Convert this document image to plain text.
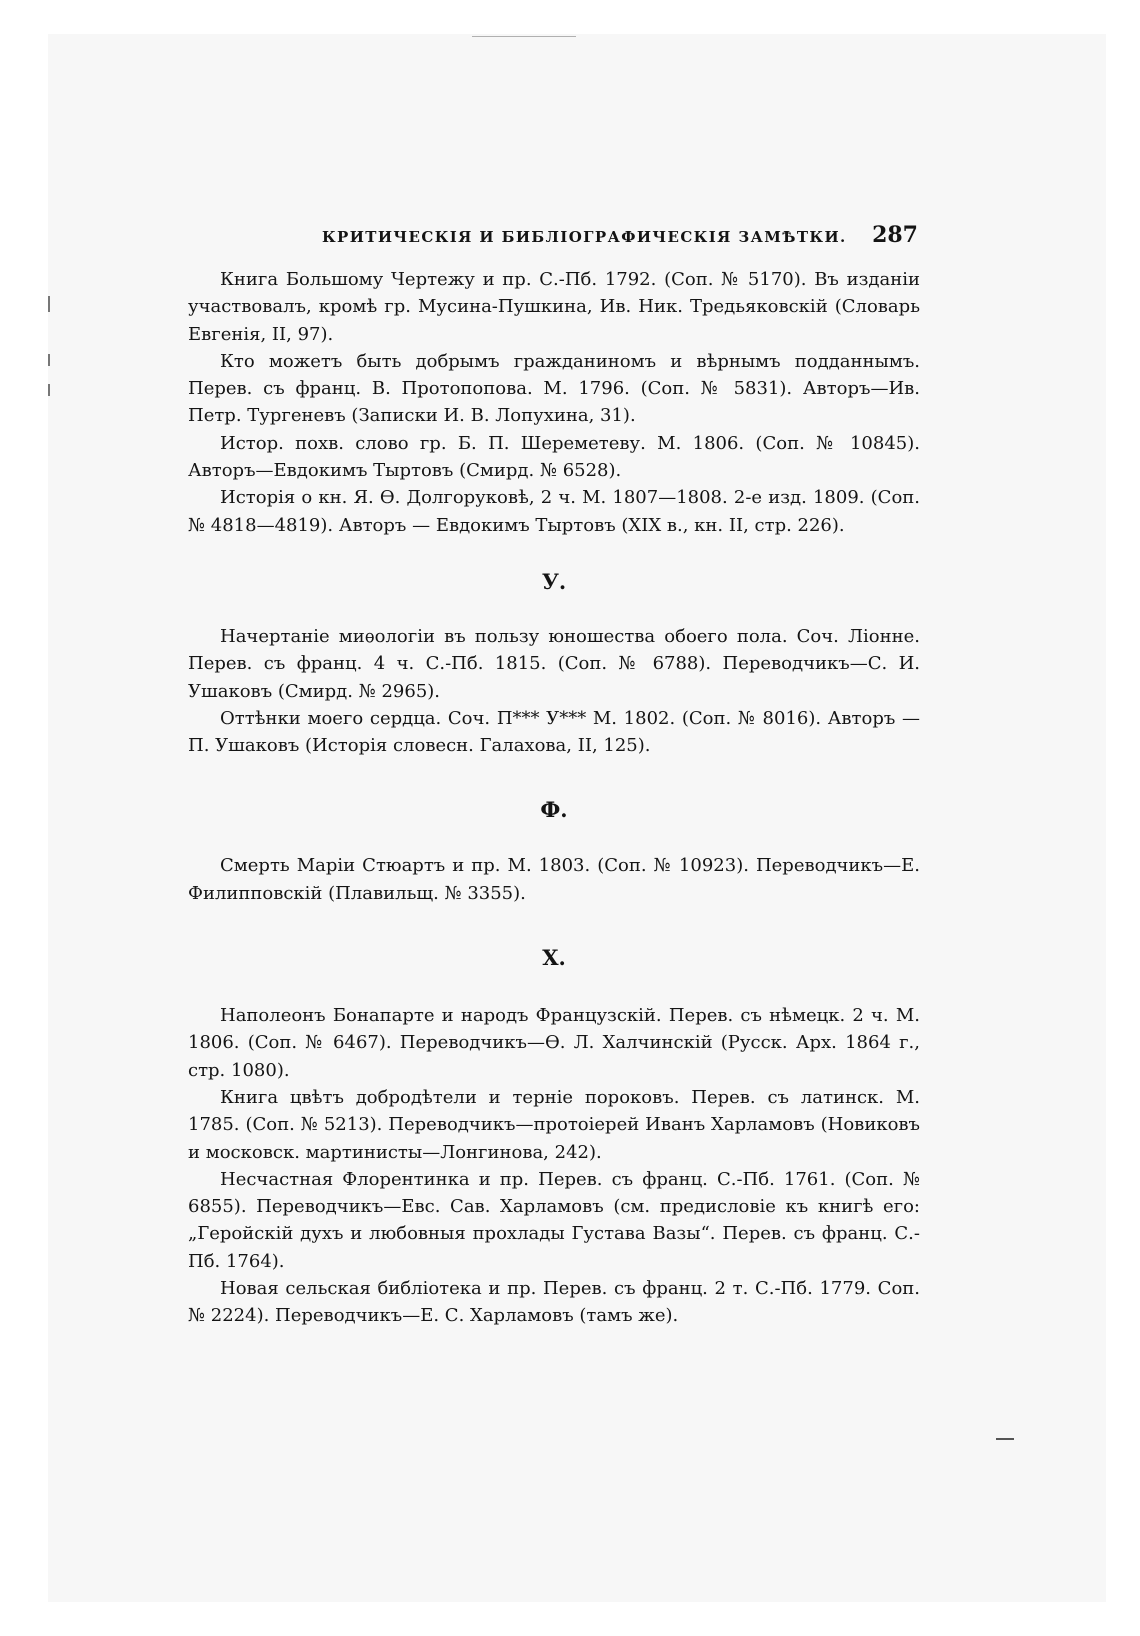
КРИТИЧЕСКІЯ И БИБЛІОГРАФИЧЕСКІЯ ЗАМѢТКИ. 287

Книга Большому Чертежу и пр. С.-Пб. 1792. (Соп. № 5170). Въ изданіи участвовалъ, кромѣ гр. Мусина-Пушкина, Ив. Ник. Тредьяковскій (Словарь Евгенія, II, 97).

Кто можетъ быть добрымъ гражданиномъ и вѣрнымъ подданнымъ. Перев. съ франц. В. Протопопова. М. 1796. (Соп. № 5831). Авторъ—Ив. Петр. Тургеневъ (Записки И. В. Лопухина, 31).

Истор. похв. слово гр. Б. П. Шереметеву. М. 1806. (Соп. № 10845). Авторъ—Евдокимъ Тыртовъ (Смирд. № 6528).

Исторія о кн. Я. Ѳ. Долгоруковѣ, 2 ч. М. 1807—1808. 2-е изд. 1809. (Соп. № 4818—4819). Авторъ — Евдокимъ Тыртовъ (XIX в., кн. II, стр. 226).

У.

Начертаніе миѳологіи въ пользу юношества обоего пола. Соч. Ліонне. Перев. съ франц. 4 ч. С.-Пб. 1815. (Соп. № 6788). Переводчикъ—С. И. Ушаковъ (Смирд. № 2965).

Оттѣнки моего сердца. Соч. П*** У*** М. 1802. (Соп. № 8016). Авторъ — П. Ушаковъ (Исторія словесн. Галахова, II, 125).

Ф.

Смерть Маріи Стюартъ и пр. М. 1803. (Соп. № 10923). Переводчикъ—Е. Филипповскій (Плавильщ. № 3355).

Х.

Наполеонъ Бонапарте и народъ Французскій. Перев. съ нѣмецк. 2 ч. М. 1806. (Соп. № 6467). Переводчикъ—Ѳ. Л. Халчинскій (Русск. Арх. 1864 г., стр. 1080).

Книга цвѣтъ добродѣтели и терніе пороковъ. Перев. съ латинск. М. 1785. (Соп. № 5213). Переводчикъ—протоіерей Иванъ Харламовъ (Новиковъ и московск. мартинисты—Лонгинова, 242).

Несчастная Флорентинка и пр. Перев. съ франц. С.-Пб. 1761. (Соп. № 6855). Переводчикъ—Евс. Сав. Харламовъ (см. предисловіе къ книгѣ его: „Геройскій духъ и любовныя прохлады Густава Вазы“. Перев. съ франц. С.-Пб. 1764).

Новая сельская библіотека и пр. Перев. съ франц. 2 т. С.-Пб. 1779. Соп. № 2224). Переводчикъ—Е. С. Харламовъ (тамъ же).
